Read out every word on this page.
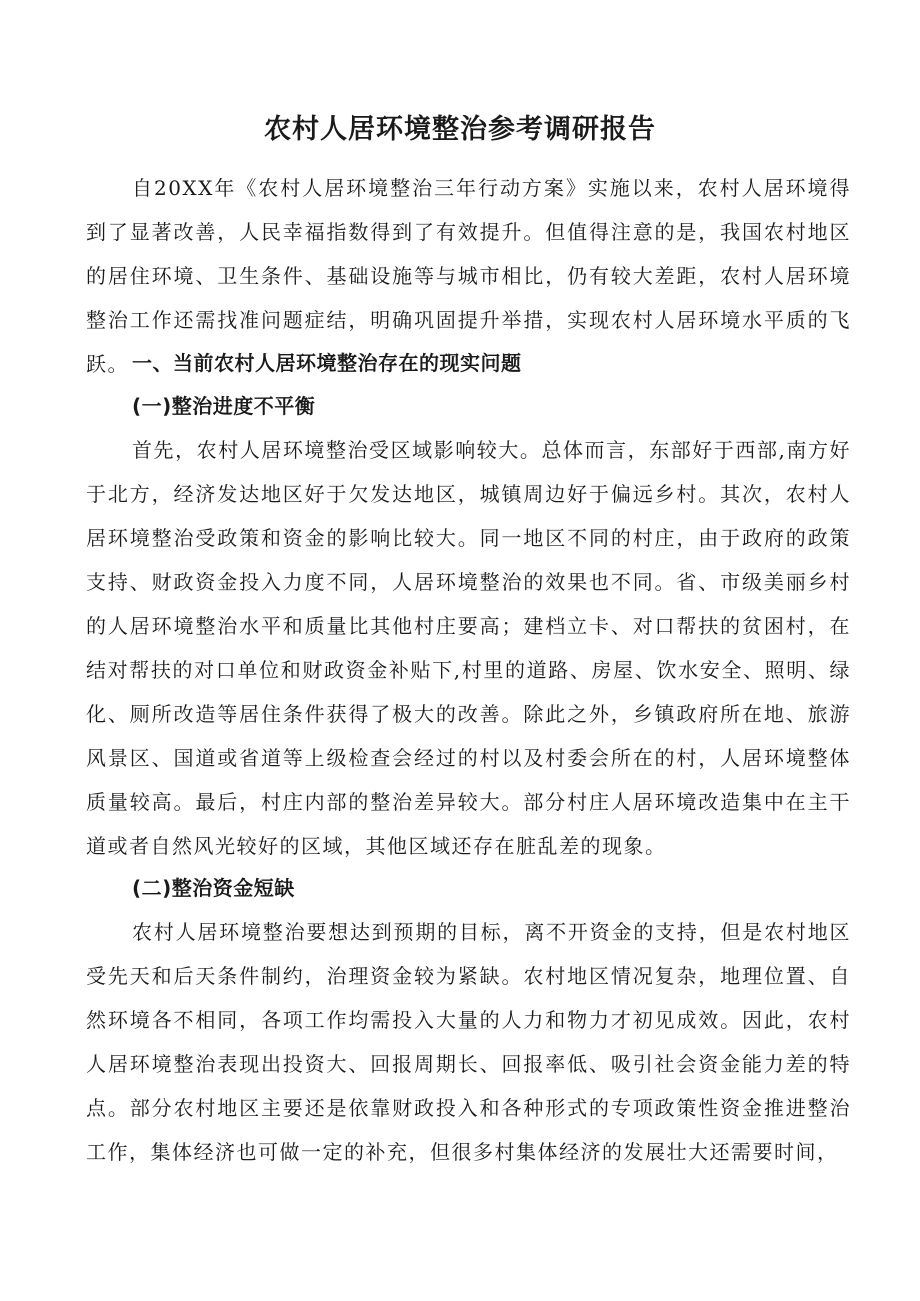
农村人居环境整治参考调研报告

自20XX年《农村人居环境整治三年行动方案》实施以来，农村人居环境得到了显著改善，人民幸福指数得到了有效提升。但值得注意的是，我国农村地区的居住环境、卫生条件、基础设施等与城市相比，仍有较大差距，农村人居环境整治工作还需找准问题症结，明确巩固提升举措，实现农村人居环境水平质的飞跃。 一、当前农村人居环境整治存在的现实问题
(一)整治进度不平衡

首先，农村人居环境整治受区域影响较大。总体而言，东部好于西部,南方好于北方，经济发达地区好于欠发达地区，城镇周边好于偏远乡村。其次，农村人居环境整治受政策和资金的影响比较大。同一地区不同的村庄，由于政府的政策支持、财政资金投入力度不同，人居环境整治的效果也不同。省、市级美丽乡村的人居环境整治水平和质量比其他村庄要高；建档立卡、对口帮扶的贫困村，在结对帮扶的对口单位和财政资金补贴下,村里的道路、房屋、饮水安全、照明、绿化、厕所改造等居住条件获得了极大的改善。除此之外，乡镇政府所在地、旅游风景区、国道或省道等上级检查会经过的村以及村委会所在的村，人居环境整体质量较高。最后，村庄内部的整治差异较大。部分村庄人居环境改造集中在主干道或者自然风光较好的区域，其他区域还存在脏乱差的现象。

(二)整治资金短缺

农村人居环境整治要想达到预期的目标，离不开资金的支持，但是农村地区受先天和后天条件制约，治理资金较为紧缺。农村地区情况复杂，地理位置、自然环境各不相同，各项工作均需投入大量的人力和物力才初见成效。因此，农村人居环境整治表现出投资大、回报周期长、回报率低、吸引社会资金能力差的特点。部分农村地区主要还是依靠财政投入和各种形式的专项政策性资金推进整治工作，集体经济也可做一定的补充，但很多村集体经济的发展壮大还需要时间，
